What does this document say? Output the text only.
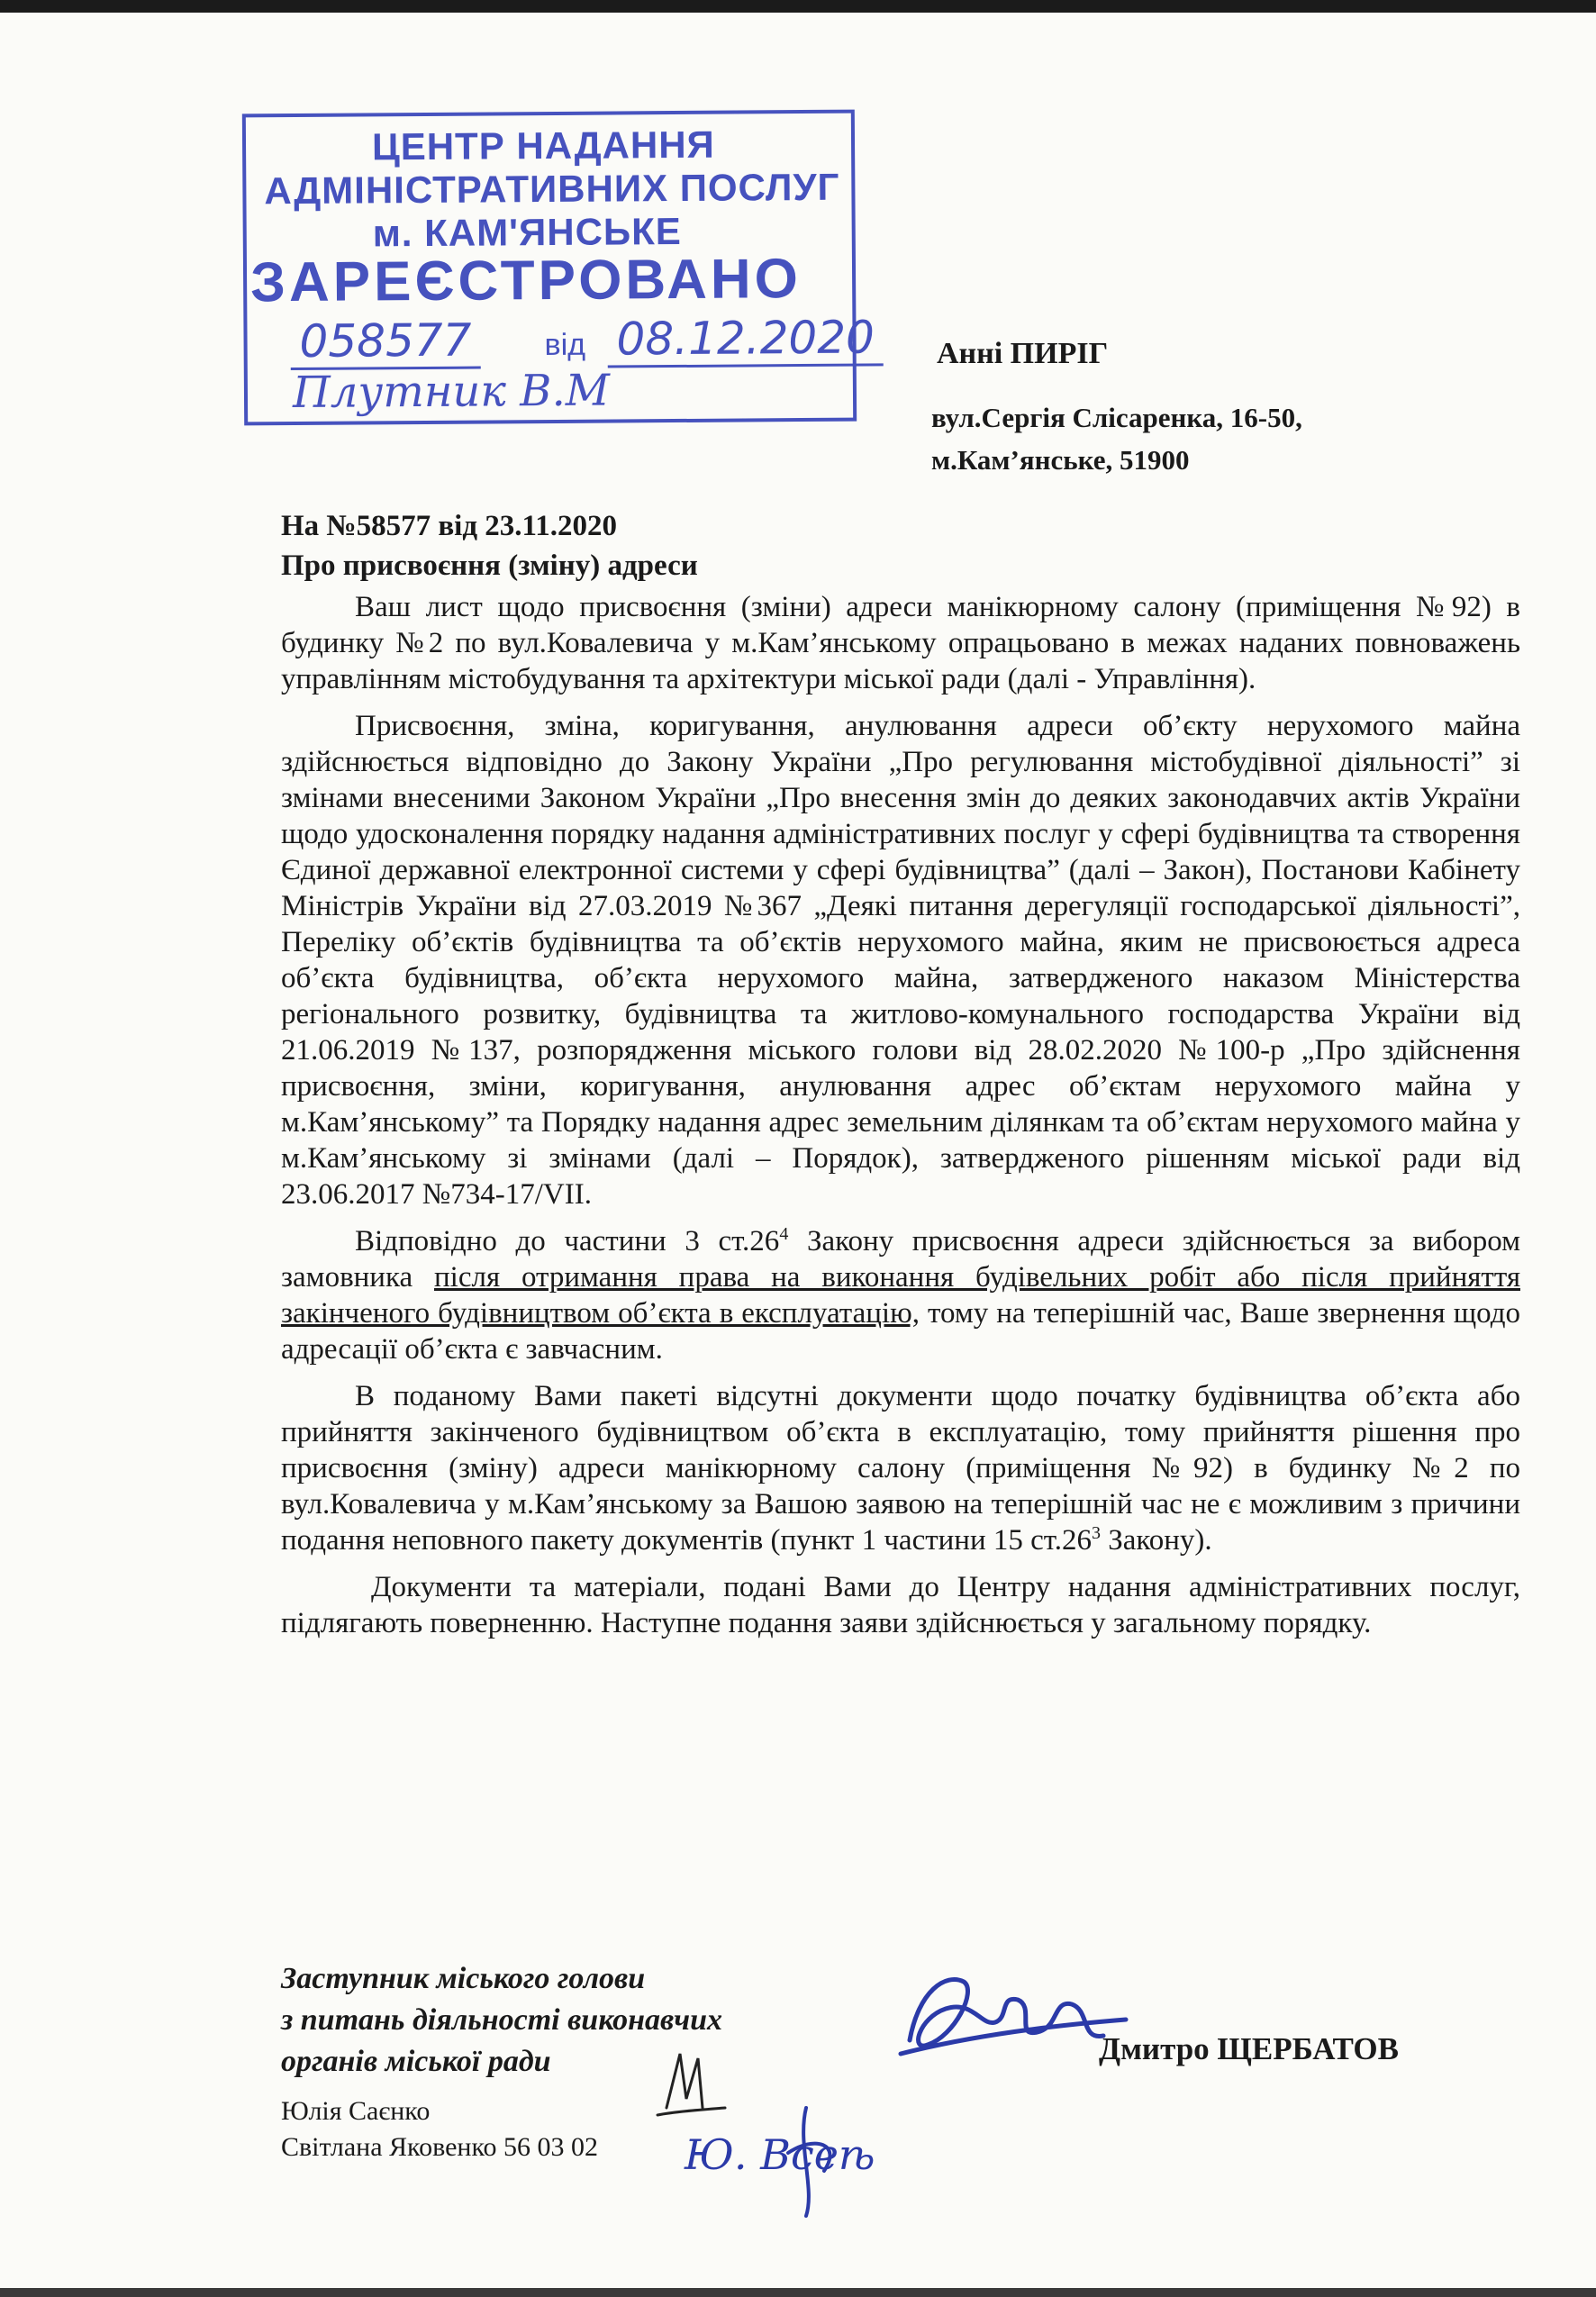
ЦЕНТР НАДАННЯ
АДМІНІСТРАТИВНИХ ПОСЛУГ
м. КАМ'ЯНСЬКЕ
ЗАРЕЄСТРОВАНО
058577 від 08.12.2020
Плутник В.М
Анні ПИРІГ
вул.Сергія Слісаренка, 16-50,
м.Кам’янське, 51900
На №58577 від 23.11.2020
Про присвоєння (зміну) адреси

Ваш лист щодо присвоєння (зміни) адреси манікюрному салону (приміщення №92) в будинку №2 по вул.Ковалевича у м.Кам’янському опрацьовано в межах наданих повноважень управлінням містобудування та архітектури міської ради (далі - Управління).

Присвоєння, зміна, коригування, анулювання адреси об’єкту нерухомого майна здійснюється відповідно до Закону України „Про регулювання містобудівної діяльності” зі змінами внесеними Законом України „Про внесення змін до деяких законодавчих актів України щодо удосконалення порядку надання адміністративних послуг у сфері будівництва та створення Єдиної державної електронної системи у сфері будівництва” (далі – Закон), Постанови Кабінету Міністрів України від 27.03.2019 №367 „Деякі питання дерегуляції господарської діяльності”, Переліку об’єктів будівництва та об’єктів нерухомого майна, яким не присвоюється адреса об’єкта будівництва, об’єкта нерухомого майна, затвердженого наказом Міністерства регіонального розвитку, будівництва та житлово-комунального господарства України від 21.06.2019 №137, розпорядження міського голови від 28.02.2020 №100-р „Про здійснення присвоєння, зміни, коригування, анулювання адрес об’єктам нерухомого майна у м.Кам’янському” та Порядку надання адрес земельним ділянкам та об’єктам нерухомого майна у м.Кам’янському зі змінами (далі – Порядок), затвердженого рішенням міської ради від 23.06.2017 №734-17/VII.

Відповідно до частини 3 $ст.26^4$ Закону присвоєння адреси здійснюється за вибором замовника після отримання права на виконання будівельних робіт або після прийняття закінченого будівництвом об’єкта в експлуатацію, тому на теперішній час, Ваше звернення щодо адресації об’єкта є завчасним.

В поданому Вами пакеті відсутні документи щодо початку будівництва об’єкта або прийняття закінченого будівництвом об’єкта в експлуатацію, тому прийняття рішення про присвоєння (зміну) адреси манікюрному салону (приміщення №92) в будинку №2 по вул.Ковалевича у м.Кам’янському за Вашою заявою на теперішній час не є можливим з причини подання неповного пакету документів (пункт 1 частини 15 $ст.26^3$ Закону).

Документи та матеріали, подані Вами до Центру надання адміністративних послуг, підлягають поверненню. Наступне подання заяви здійснюється у загальному порядку.

Заступник міського голови
з питань діяльності виконавчих
органів міської ради	Дмитро ЩЕРБАТОВ
Юлія Саєнко
Світлана Яковенко 56 03 02 Ю. Всеѣ
